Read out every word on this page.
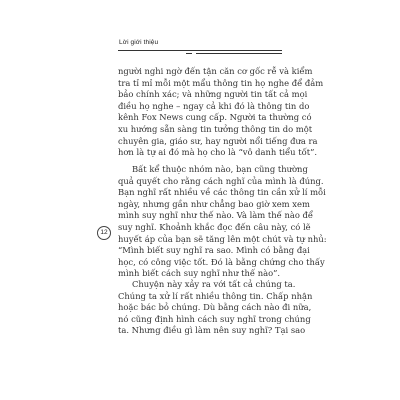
Lời giới thiệu
12
người nghi ngờ đến tận căn cơ gốc rễ và kiểm
tra tỉ mỉ mỗi một mẩu thông tin họ nghe để đảm
bảo chính xác; và những người tin tất cả mọi
điều họ nghe – ngay cả khi đó là thông tin do
kênh Fox News cung cấp. Người ta thường có
xu hướng sẵn sàng tin tưởng thông tin do một
chuyên gia, giáo sư, hay người nổi tiếng đưa ra
hơn là tự ai đó mà họ cho là “vô danh tiểu tốt”.
Bất kể thuộc nhóm nào, bạn cũng thường
quả quyết cho rằng cách nghĩ của mình là đúng.
Bạn nghĩ rất nhiều về các thông tin cần xử lí mỗi
ngày, nhưng gần như chẳng bao giờ xem xem
mình suy nghĩ như thế nào. Và làm thế nào để
suy nghĩ. Khoảnh khắc đọc đến câu này, có lẽ
huyết áp của bạn sẽ tăng lên một chút và tự nhủ:
“Mình biết suy nghĩ ra sao. Mình có bằng đại
học, có công việc tốt. Đó là bằng chứng cho thấy
mình biết cách suy nghĩ như thế nào”.
Chuyện này xảy ra với tất cả chúng ta.
Chúng ta xử lí rất nhiều thông tin. Chấp nhận
hoặc bác bỏ chúng. Dù bằng cách nào đi nữa,
nó cũng định hình cách suy nghĩ trong chúng
ta. Nhưng điều gì làm nên suy nghĩ? Tại sao
